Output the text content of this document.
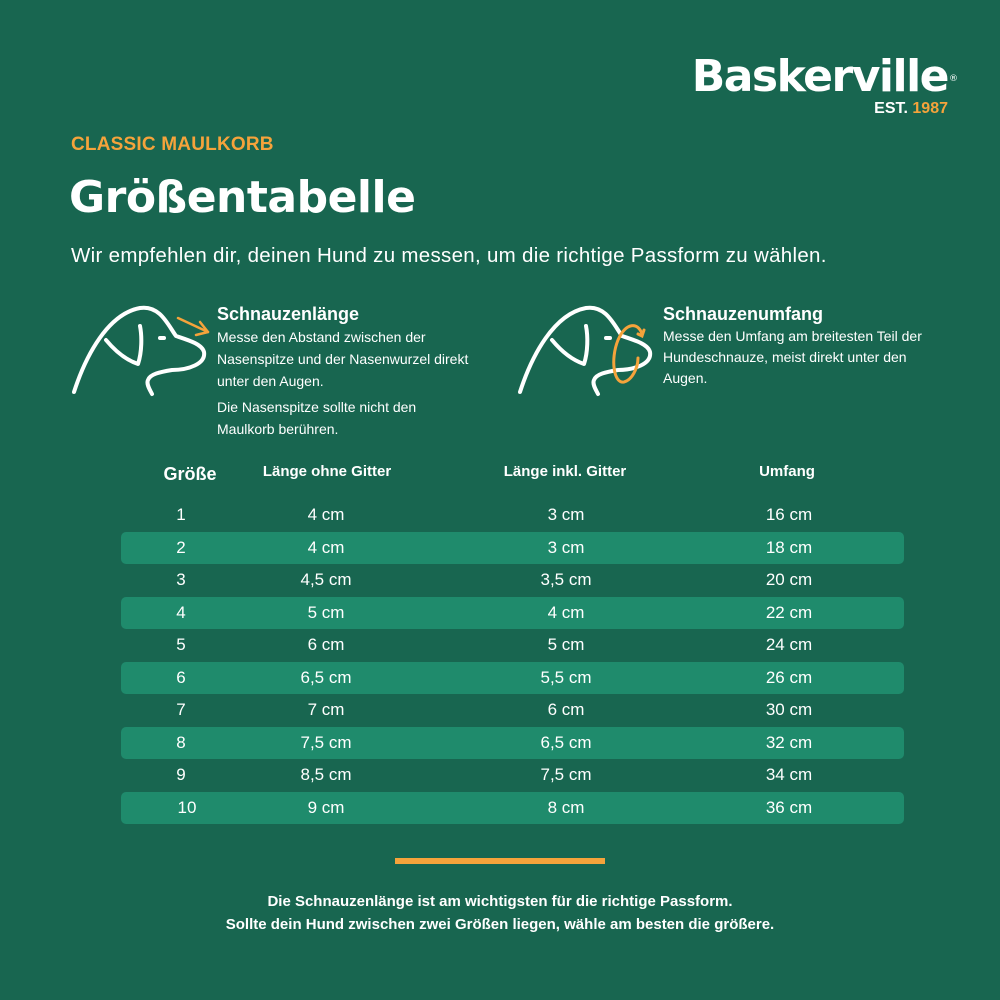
Baskerville ®
EST. 1987
CLASSIC MAULKORB
Größentabelle
Wir empfehlen dir, deinen Hund zu messen, um die richtige Passform zu wählen.
Schnauzenlänge
Messe den Abstand zwischen der Nasenspitze und der Nasenwurzel direkt unter den Augen.
Die Nasenspitze sollte nicht den Maulkorb berühren.
Schnauzenumfang
Messe den Umfang am breitesten Teil der Hundeschnauze, meist direkt unter den Augen.
Größe	Länge ohne Gitter	Länge inkl. Gitter	Umfang
1	4 cm	3 cm	16 cm
2	4 cm	3 cm	18 cm
3	4,5 cm	3,5 cm	20 cm
4	5 cm	4 cm	22 cm
5	6 cm	5 cm	24 cm
6	6,5 cm	5,5 cm	26 cm
7	7 cm	6 cm	30 cm
8	7,5 cm	6,5 cm	32 cm
9	8,5 cm	7,5 cm	34 cm
10	9 cm	8 cm	36 cm
Die Schnauzenlänge ist am wichtigsten für die richtige Passform.
Sollte dein Hund zwischen zwei Größen liegen, wähle am besten die größere.
